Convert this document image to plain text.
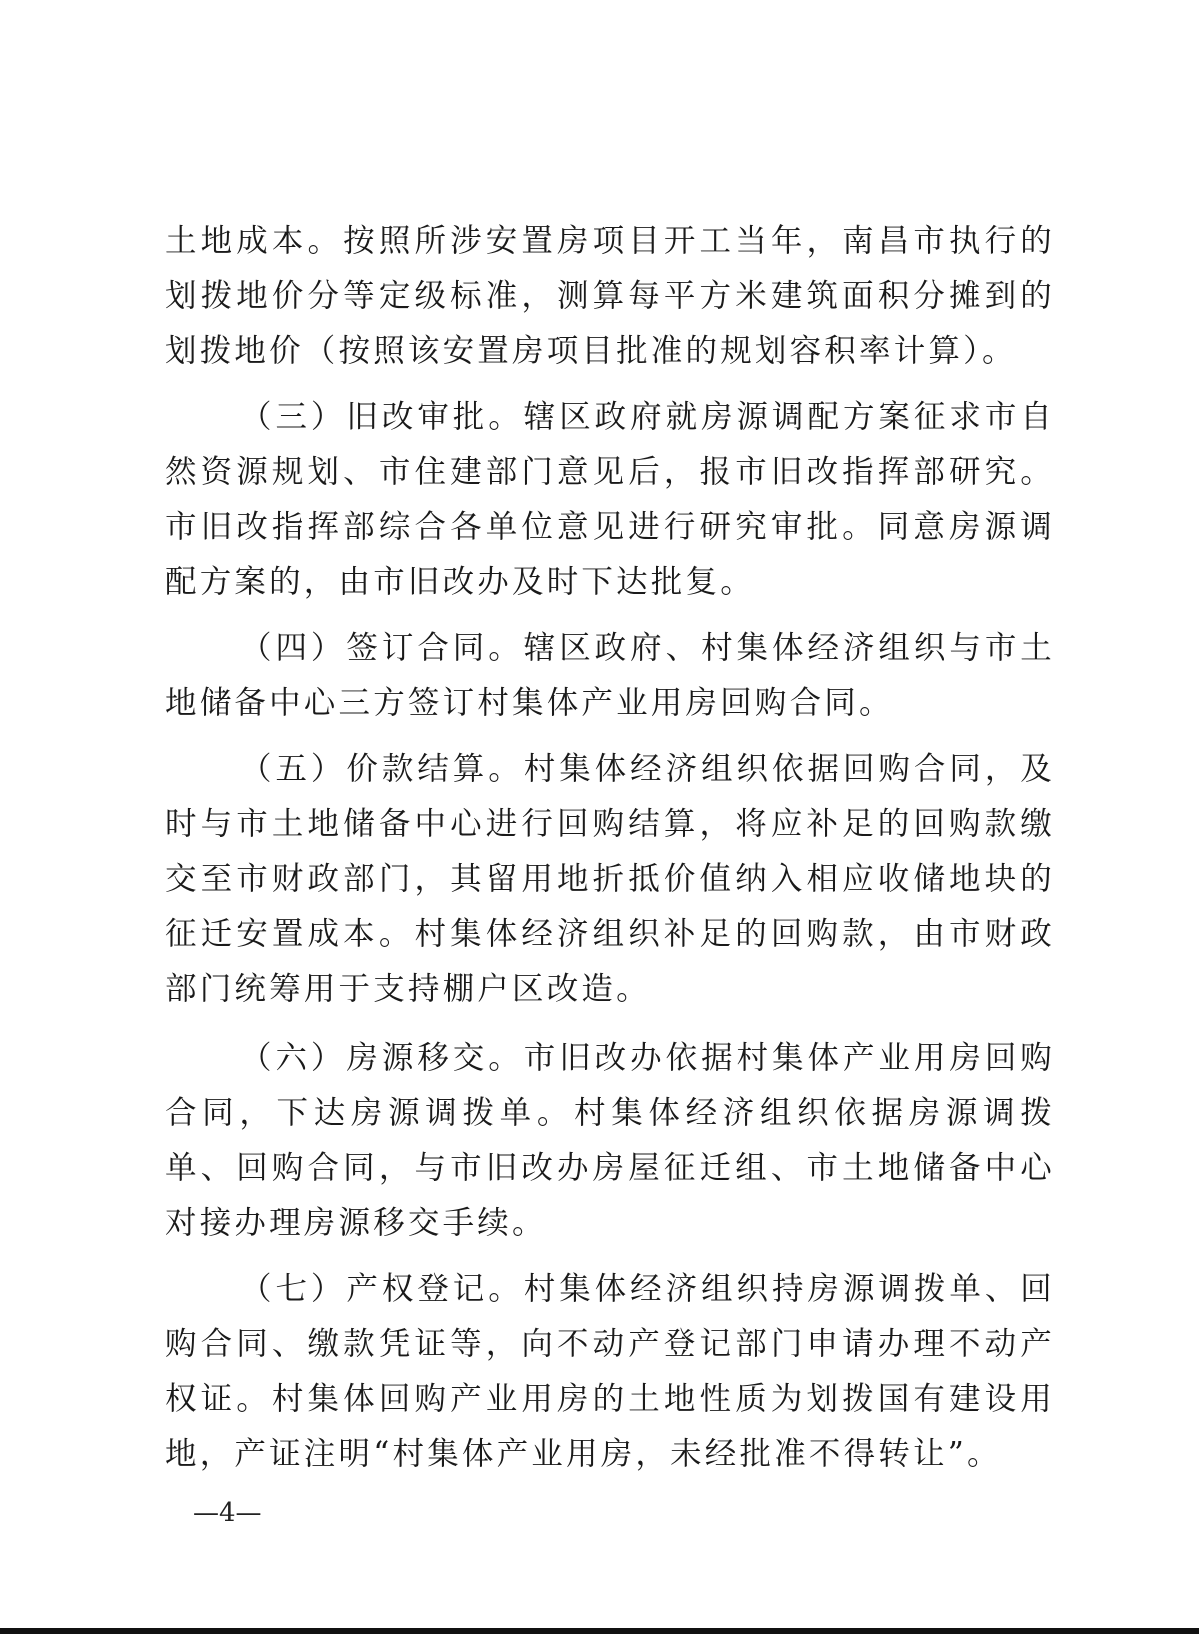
土地成本。按照所涉安置房项目开工当年，南昌市执行的划拨地价分等定级标准，测算每平方米建筑面积分摊到的划拨地价（按照该安置房项目批准的规划容积率计算）。

（三）旧改审批。辖区政府就房源调配方案征求市自然资源规划、市住建部门意见后，报市旧改指挥部研究。市旧改指挥部综合各单位意见进行研究审批。同意房源调配方案的，由市旧改办及时下达批复。

（四）签订合同。辖区政府、村集体经济组织与市土地储备中心三方签订村集体产业用房回购合同。

（五）价款结算。村集体经济组织依据回购合同，及时与市土地储备中心进行回购结算，将应补足的回购款缴交至市财政部门，其留用地折抵价值纳入相应收储地块的征迁安置成本。村集体经济组织补足的回购款，由市财政部门统筹用于支持棚户区改造。

（六）房源移交。市旧改办依据村集体产业用房回购合同，下达房源调拨单。村集体经济组织依据房源调拨单、回购合同，与市旧改办房屋征迁组、市土地储备中心对接办理房源移交手续。

（七）产权登记。村集体经济组织持房源调拨单、回购合同、缴款凭证等，向不动产登记部门申请办理不动产权证。村集体回购产业用房的土地性质为划拨国有建设用地，产证注明“村集体产业用房，未经批准不得转让”。

—4—
